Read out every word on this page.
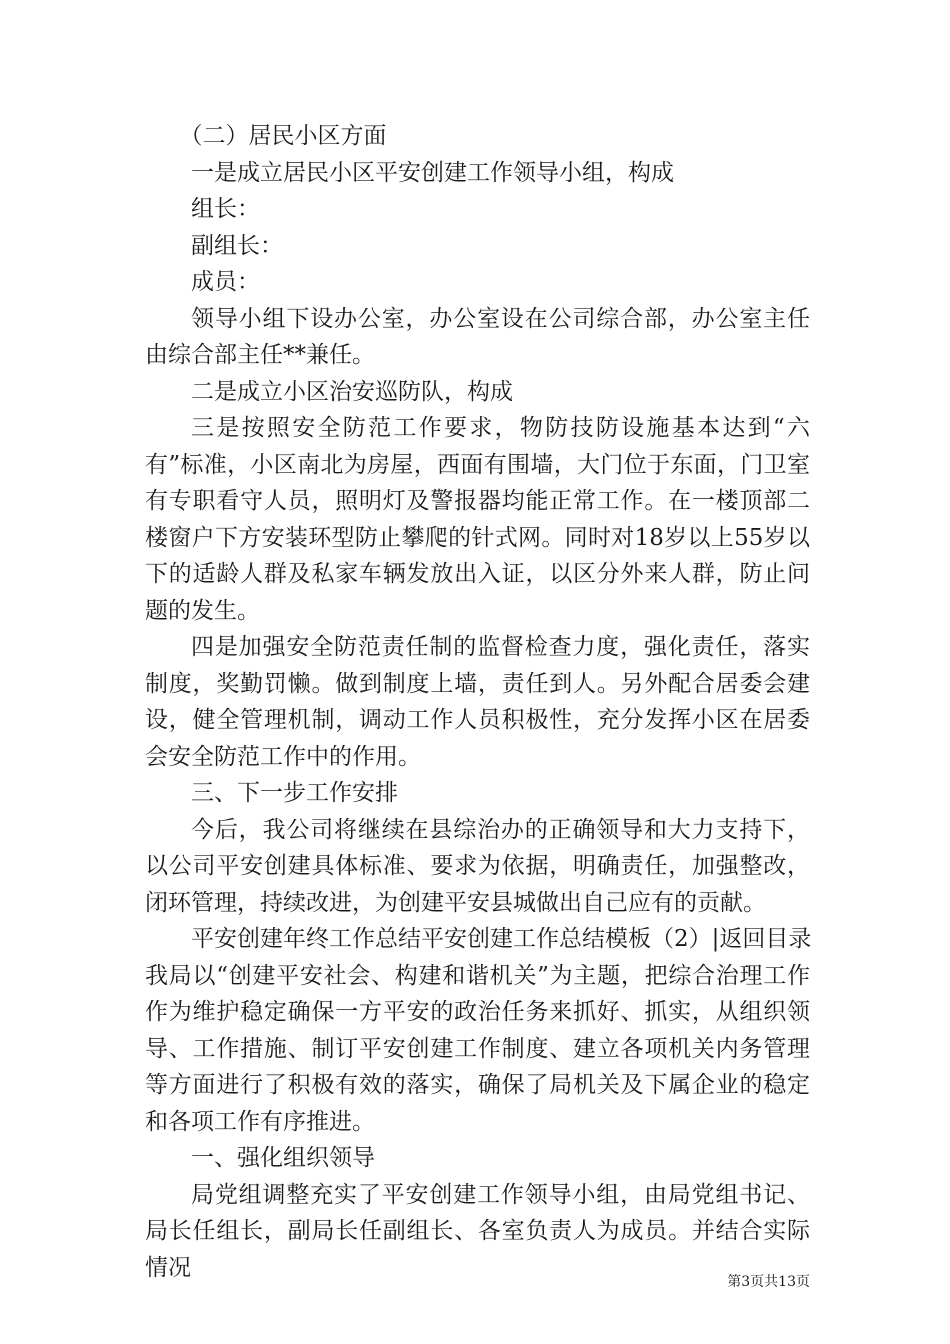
（二）居民小区方面

一是成立居民小区平安创建工作领导小组，构成

组长：

副组长：

成员：

领导小组下设办公室，办公室设在公司综合部，办公室主任由综合部主任**兼任。

二是成立小区治安巡防队，构成

三是按照安全防范工作要求，物防技防设施基本达到“六有”标准，小区南北为房屋，西面有围墙，大门位于东面，门卫室有专职看守人员，照明灯及警报器均能正常工作。在一楼顶部二楼窗户下方安装环型防止攀爬的针式网。同时对18岁以上55岁以下的适龄人群及私家车辆发放出入证，以区分外来人群，防止问题的发生。

四是加强安全防范责任制的监督检查力度，强化责任，落实制度，奖勤罚懒。做到制度上墙，责任到人。另外配合居委会建设，健全管理机制，调动工作人员积极性，充分发挥小区在居委会安全防范工作中的作用。

三、下一步工作安排

今后，我公司将继续在县综治办的正确领导和大力支持下，以公司平安创建具体标准、要求为依据，明确责任，加强整改，闭环管理，持续改进，为创建平安县城做出自己应有的贡献。

平安创建年终工作总结平安创建工作总结模板（2）|返回目录

我局以“创建平安社会、构建和谐机关”为主题，把综合治理工作作为维护稳定确保一方平安的政治任务来抓好、抓实，从组织领导、工作措施、制订平安创建工作制度、建立各项机关内务管理等方面进行了积极有效的落实，确保了局机关及下属企业的稳定和各项工作有序推进。

一、强化组织领导

局党组调整充实了平安创建工作领导小组，由局党组书记、局长任组长，副局长任副组长、各室负责人为成员。并结合实际情况

第3页共13页
